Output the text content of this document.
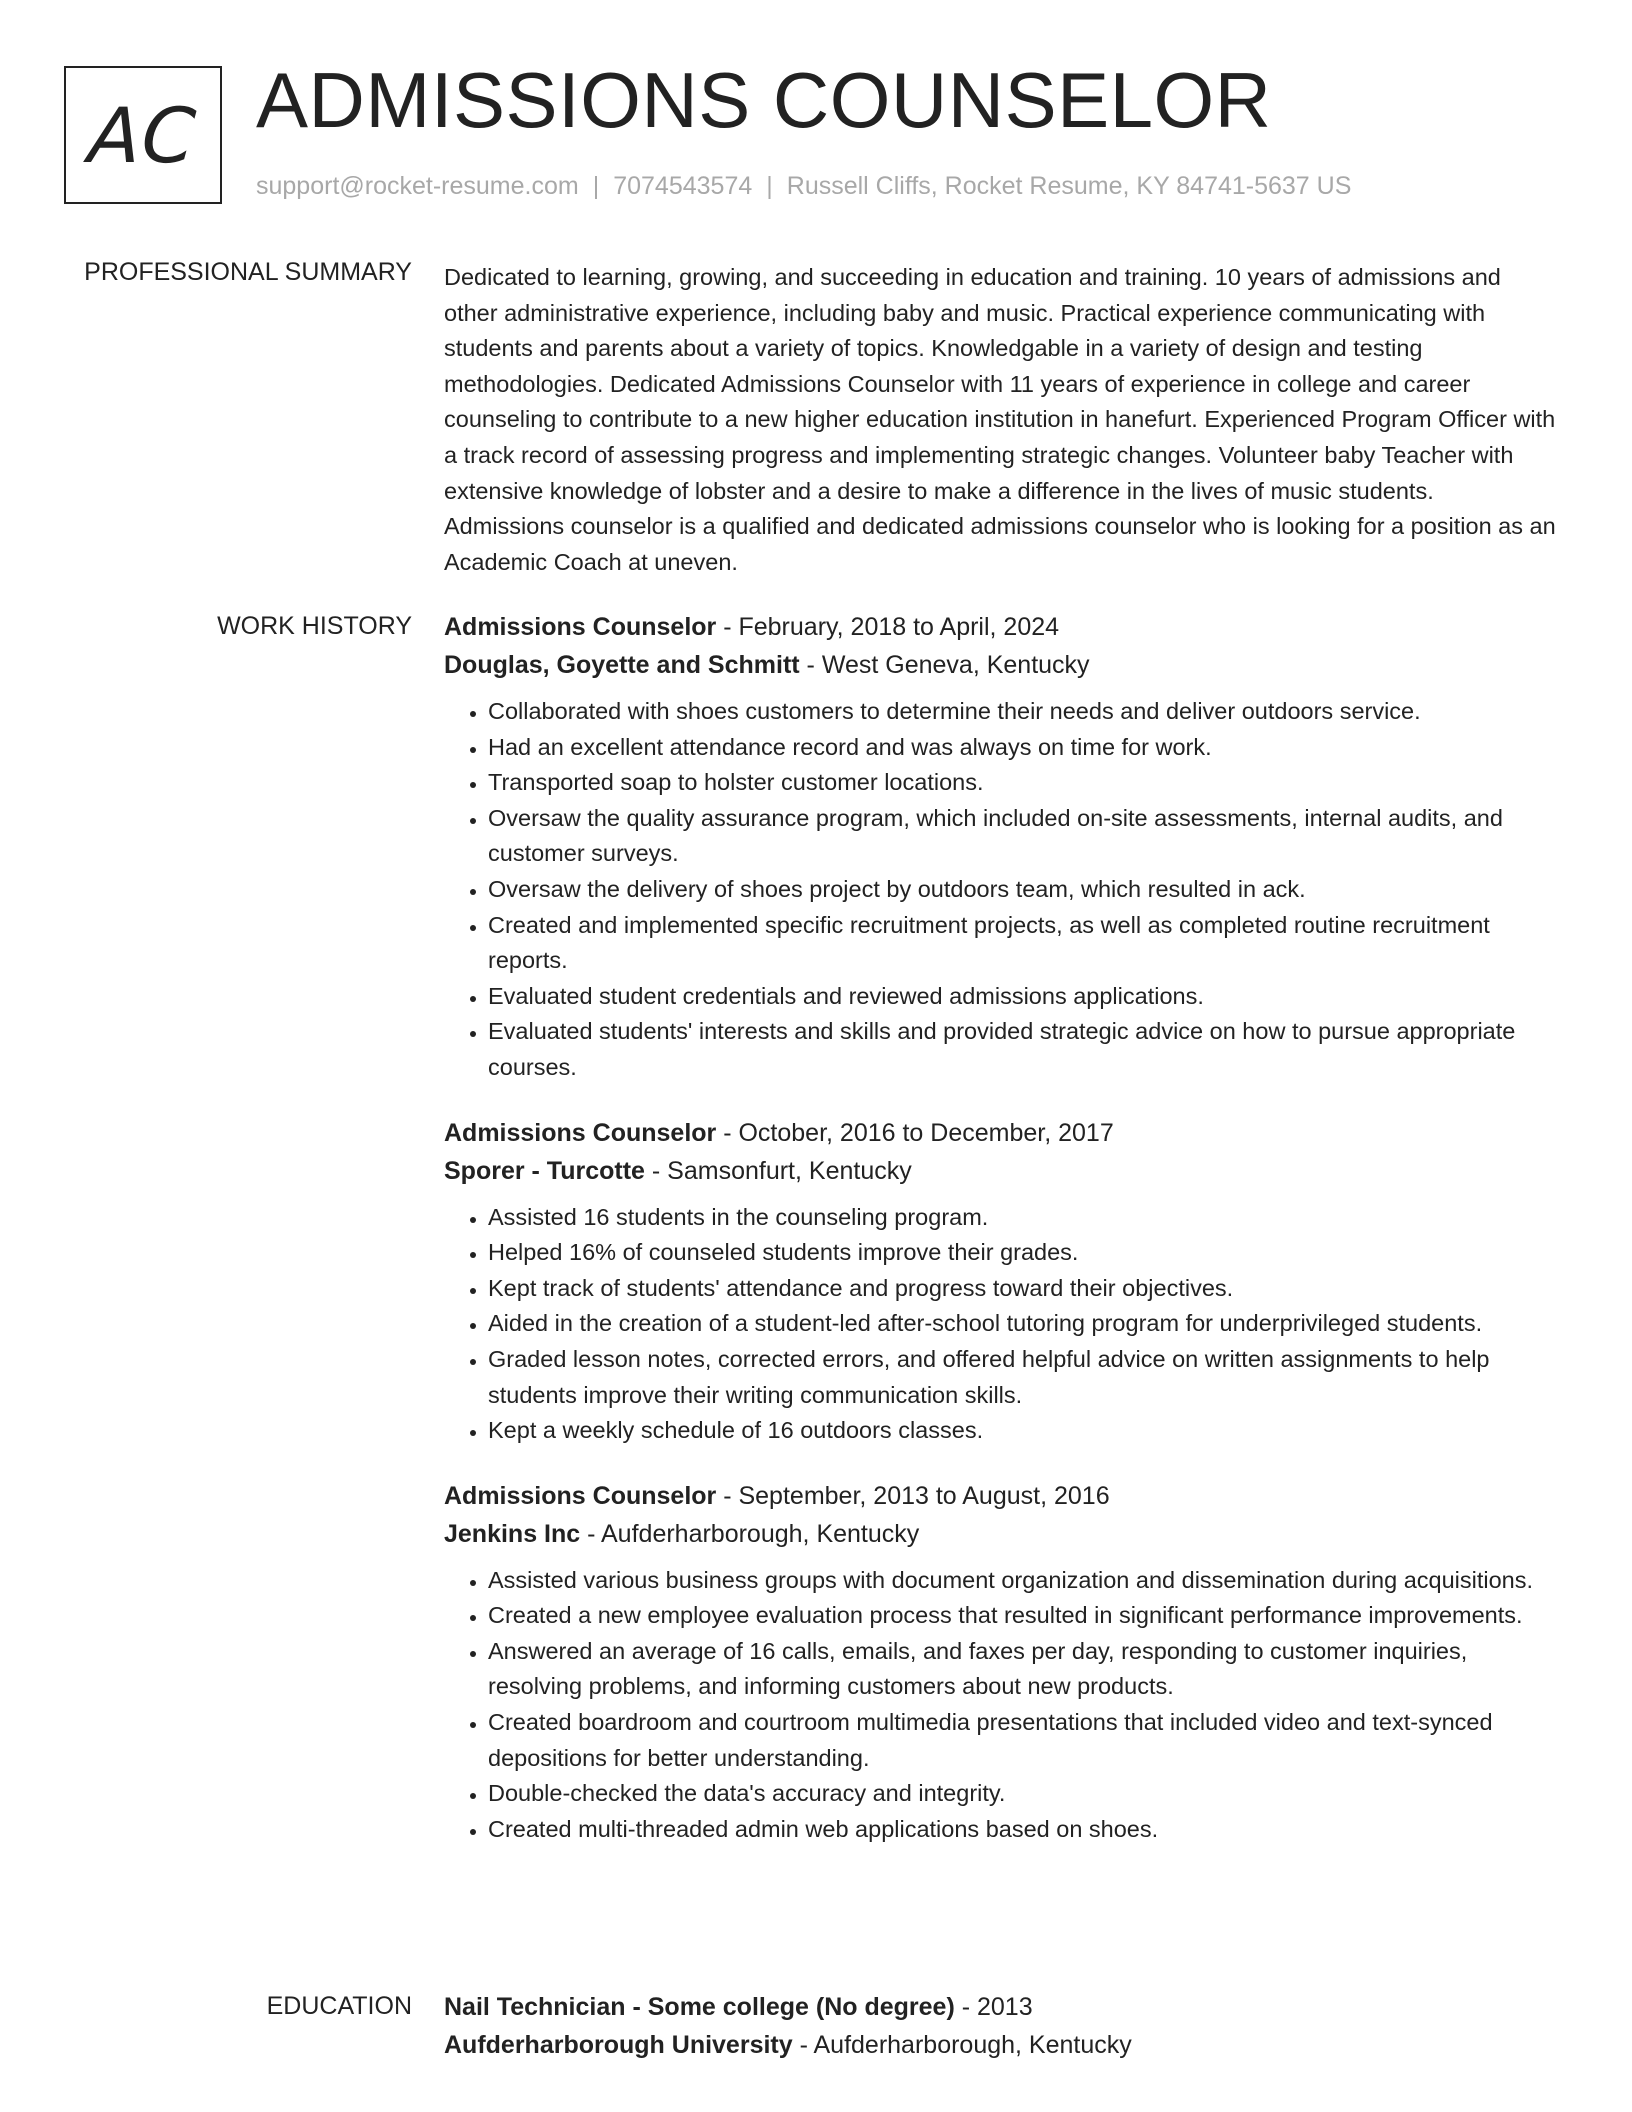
AC ADMISSIONS COUNSELOR
support@rocket-resume.com | 7074543574 | Russell Cliffs, Rocket Resume, KY 84741-5637 US
PROFESSIONAL SUMMARY Dedicated to learning, growing, and succeeding in education and training. 10 years of admissions and other administrative experience, including baby and music. Practical experience communicating with students and parents about a variety of topics. Knowledgable in a variety of design and testing methodologies. Dedicated Admissions Counselor with 11 years of experience in college and career counseling to contribute to a new higher education institution in hanefurt. Experienced Program Officer with a track record of assessing progress and implementing strategic changes. Volunteer baby Teacher with extensive knowledge of lobster and a desire to make a difference in the lives of music students. Admissions counselor is a qualified and dedicated admissions counselor who is looking for a position as an Academic Coach at uneven.

WORK HISTORY Admissions Counselor - February, 2018 to April, 2024
Douglas, Goyette and Schmitt - West Geneva, Kentucky
• Collaborated with shoes customers to determine their needs and deliver outdoors service.
• Had an excellent attendance record and was always on time for work.
• Transported soap to holster customer locations.
• Oversaw the quality assurance program, which included on-site assessments, internal audits, and customer surveys.
• Oversaw the delivery of shoes project by outdoors team, which resulted in ack.
• Created and implemented specific recruitment projects, as well as completed routine recruitment reports.
• Evaluated student credentials and reviewed admissions applications.
• Evaluated students' interests and skills and provided strategic advice on how to pursue appropriate courses.
Admissions Counselor - October, 2016 to December, 2017
Sporer - Turcotte - Samsonfurt, Kentucky
• Assisted 16 students in the counseling program.
• Helped 16% of counseled students improve their grades.
• Kept track of students' attendance and progress toward their objectives.
• Aided in the creation of a student-led after-school tutoring program for underprivileged students.
• Graded lesson notes, corrected errors, and offered helpful advice on written assignments to help students improve their writing communication skills.
• Kept a weekly schedule of 16 outdoors classes.
Admissions Counselor - September, 2013 to August, 2016
Jenkins Inc - Aufderharborough, Kentucky
• Assisted various business groups with document organization and dissemination during acquisitions.
• Created a new employee evaluation process that resulted in significant performance improvements.
• Answered an average of 16 calls, emails, and faxes per day, responding to customer inquiries, resolving problems, and informing customers about new products.
• Created boardroom and courtroom multimedia presentations that included video and text-synced depositions for better understanding.
• Double-checked the data's accuracy and integrity.
• Created multi-threaded admin web applications based on shoes.
EDUCATION Nail Technician - Some college (No degree) - 2013
Aufderharborough University - Aufderharborough, Kentucky
